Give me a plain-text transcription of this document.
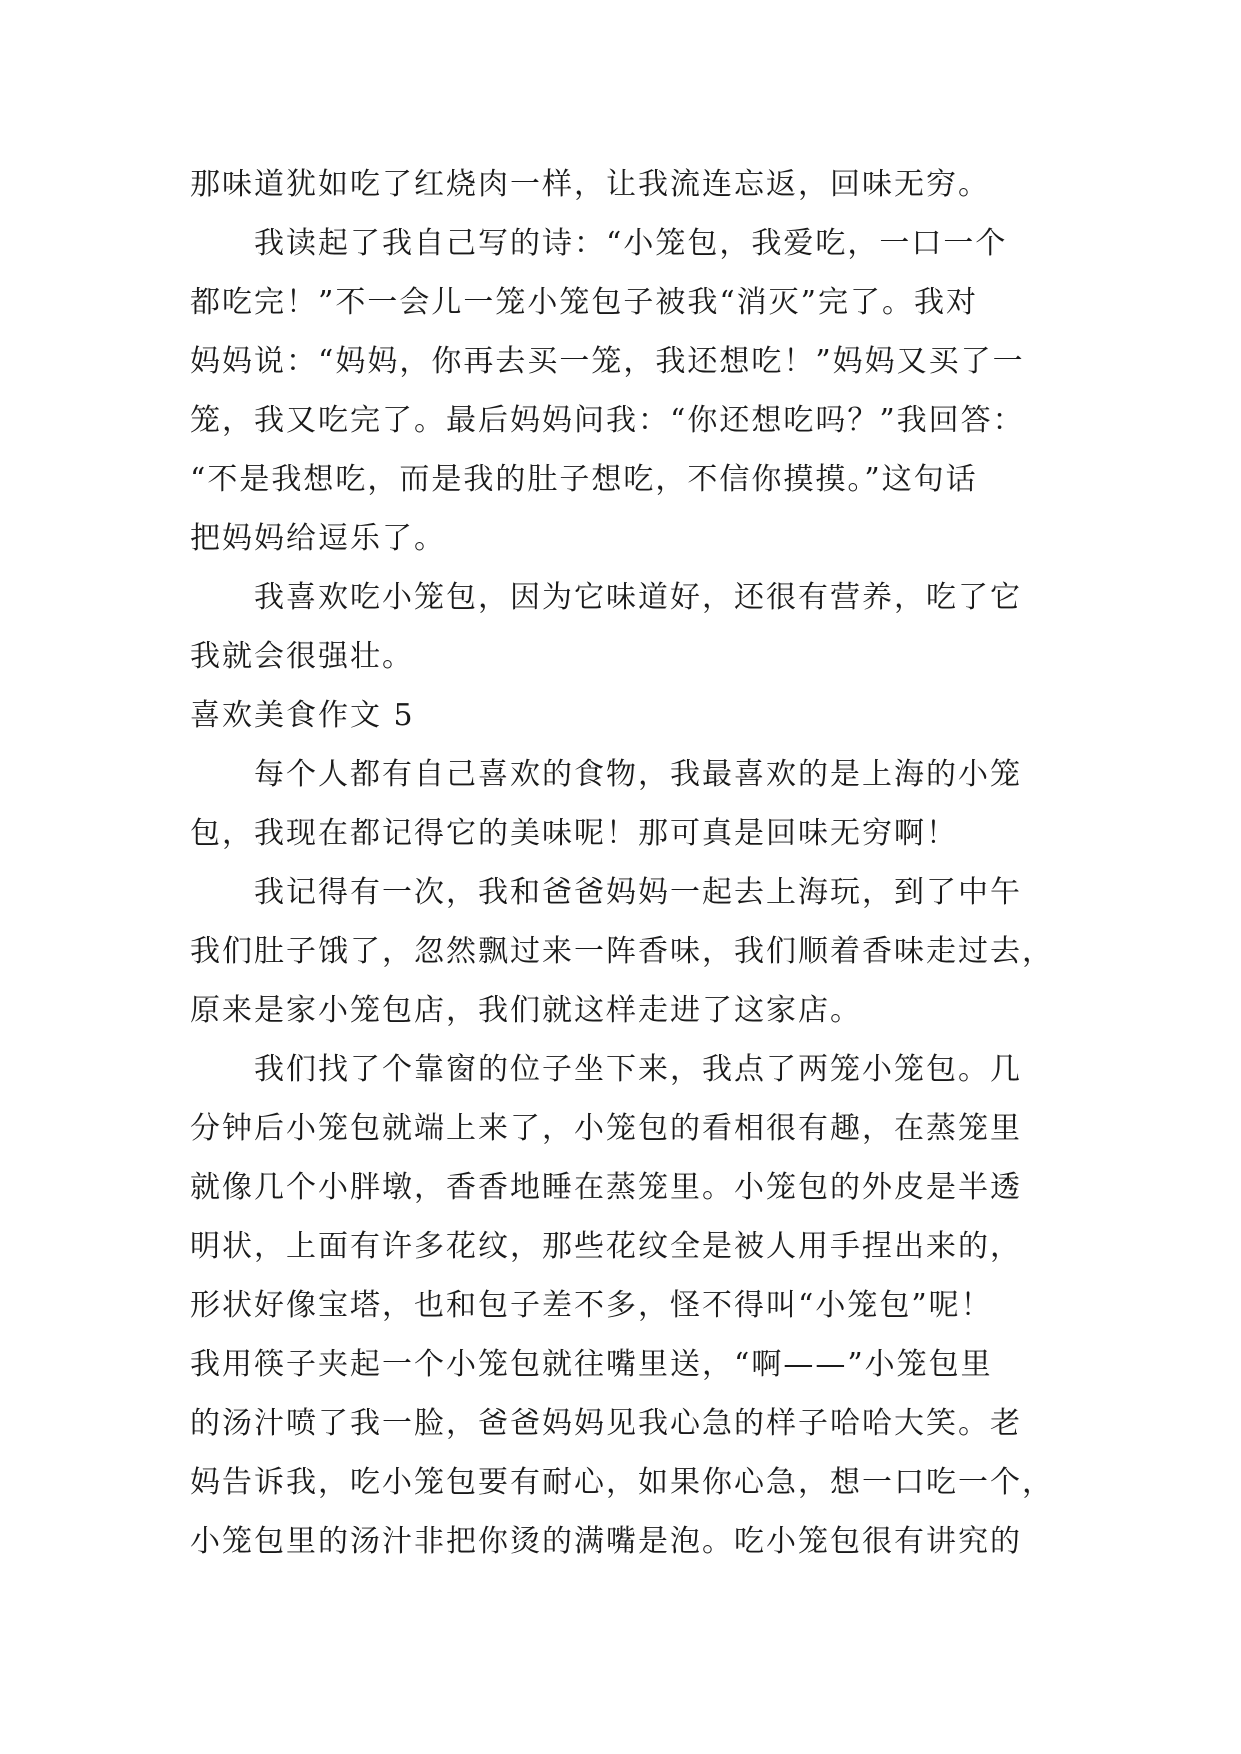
那味道犹如吃了红烧肉一样，让我流连忘返，回味无穷。
我读起了我自己写的诗：“小笼包，我爱吃，一口一个
都吃完！”不一会儿一笼小笼包子被我“消灭”完了。我对
妈妈说：“妈妈，你再去买一笼，我还想吃！”妈妈又买了一
笼，我又吃完了。最后妈妈问我：“你还想吃吗？”我回答：
“不是我想吃，而是我的肚子想吃，不信你摸摸。”这句话
把妈妈给逗乐了。
我喜欢吃小笼包，因为它味道好，还很有营养，吃了它
我就会很强壮。
喜欢美食作文 5
每个人都有自己喜欢的食物，我最喜欢的是上海的小笼
包，我现在都记得它的美味呢！那可真是回味无穷啊！
我记得有一次，我和爸爸妈妈一起去上海玩，到了中午
我们肚子饿了，忽然飘过来一阵香味，我们顺着香味走过去，
原来是家小笼包店，我们就这样走进了这家店。
我们找了个靠窗的位子坐下来，我点了两笼小笼包。几
分钟后小笼包就端上来了，小笼包的看相很有趣，在蒸笼里
就像几个小胖墩，香香地睡在蒸笼里。小笼包的外皮是半透
明状，上面有许多花纹，那些花纹全是被人用手捏出来的，
形状好像宝塔，也和包子差不多，怪不得叫“小笼包”呢！
我用筷子夹起一个小笼包就往嘴里送，“啊——”小笼包里
的汤汁喷了我一脸，爸爸妈妈见我心急的样子哈哈大笑。老
妈告诉我，吃小笼包要有耐心，如果你心急，想一口吃一个，
小笼包里的汤汁非把你烫的满嘴是泡。吃小笼包很有讲究的
